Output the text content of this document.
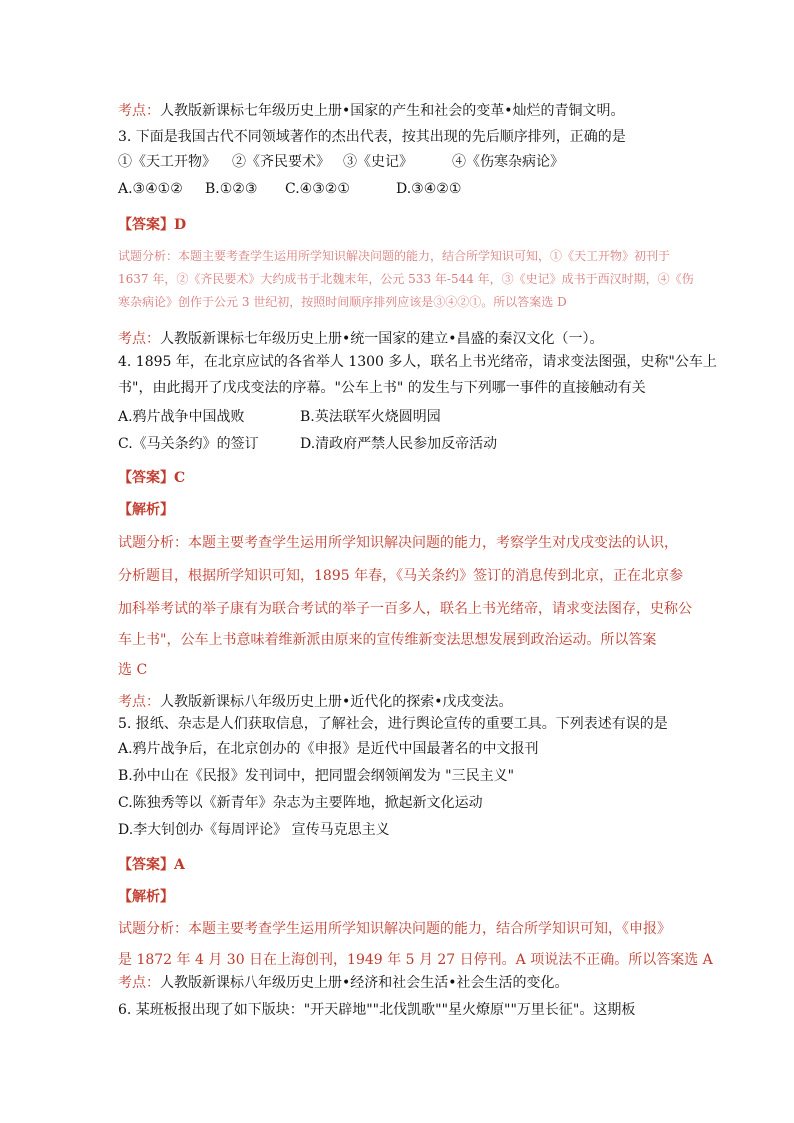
考点：人教版新课标七年级历史上册•国家的产生和社会的变革•灿烂的青铜文明。
3. 下面是我国古代不同领域著作的杰出代表，按其出现的先后顺序排列，正确的是
①《天工开物》 ②《齐民要术》 ③《史记》	④《伤寒杂病论》
A.③④①② B.①②③ C.④③②①	D.③④②①
【答案】D
试题分析：本题主要考查学生运用所学知识解决问题的能力，结合所学知识可知，①《天工开物》初刊于
1637 年，②《齐民要术》大约成书于北魏末年，公元 533 年-544 年，③《史记》成书于西汉时期，④《伤
寒杂病论》创作于公元 3 世纪初，按照时间顺序排列应该是③④②①。所以答案选 D
考点：人教版新课标七年级历史上册•统一国家的建立•昌盛的秦汉文化（一）。
4. 1895 年，在北京应试的各省举人 1300 多人，联名上书光绪帝，请求变法图强，史称"公车上
书"，由此揭开了戊戌变法的序幕。"公车上书" 的发生与下列哪一事件的直接触动有关
A.鸦片战争中国战败	B.英法联军火烧圆明园
C.《马关条约》的签订	D.清政府严禁人民参加反帝活动
【答案】C
【解析】
试题分析：本题主要考查学生运用所学知识解决问题的能力，考察学生对戊戌变法的认识，
分析题目，根据所学知识可知，1895 年春，《马关条约》签订的消息传到北京，正在北京参
加科举考试的举子康有为联合考试的举子一百多人，联名上书光绪帝，请求变法图存，史称公
车上书"，公车上书意味着维新派由原来的宣传维新变法思想发展到政治运动。所以答案
选 C
考点：人教版新课标八年级历史上册•近代化的探索•戊戌变法。
5. 报纸、杂志是人们获取信息，了解社会，进行舆论宣传的重要工具。下列表述有误的是
A.鸦片战争后，在北京创办的《申报》是近代中国最著名的中文报刊
B.孙中山在《民报》发刊词中，把同盟会纲领阐发为 "三民主义"
C.陈独秀等以《新青年》杂志为主要阵地，掀起新文化运动
D.李大钊创办《每周评论》 宣传马克思主义
【答案】A
【解析】
试题分析：本题主要考查学生运用所学知识解决问题的能力，结合所学知识可知，《申报》
是 1872 年 4 月 30 日在上海创刊，1949 年 5 月 27 日停刊。A 项说法不正确。所以答案选 A
考点：人教版新课标八年级历史上册•经济和社会生活•社会生活的变化。
6. 某班板报出现了如下版块："开天辟地""北伐凯歌""星火燎原""万里长征"。这期板
